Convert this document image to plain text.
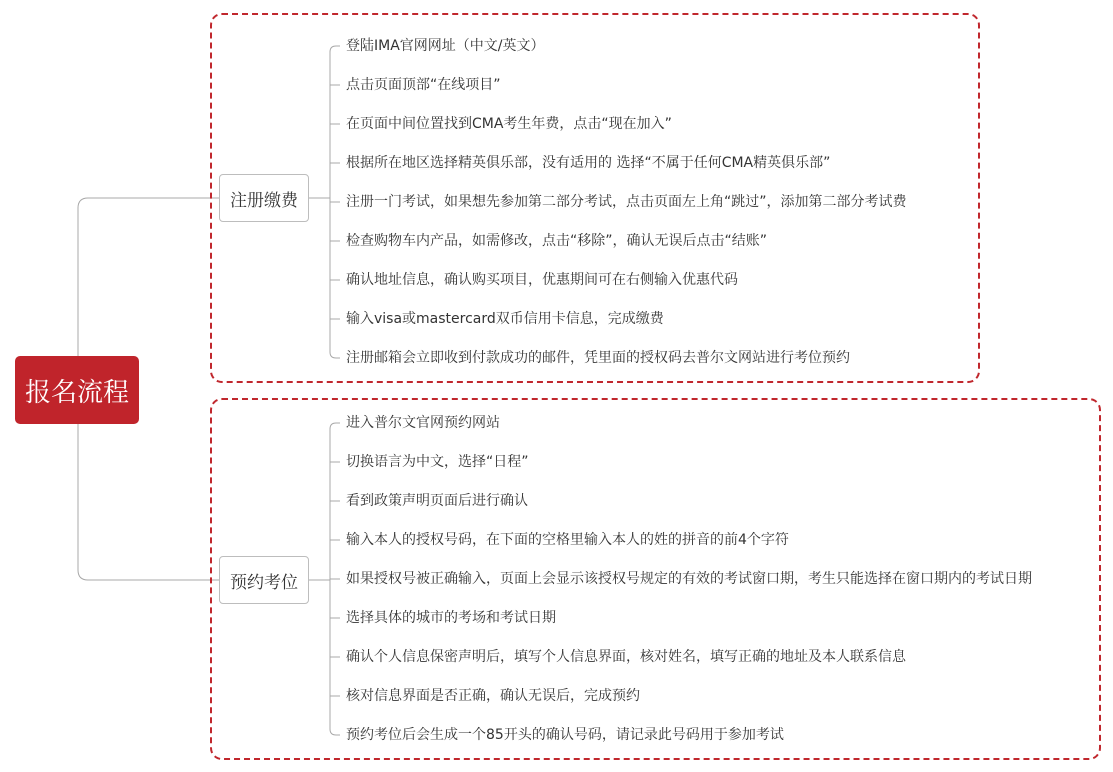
报名流程
注册缴费
预约考位
登陆IMA官网网址（中文/英文）
点击页面顶部“在线项目”
在页面中间位置找到CMA考生年费，点击“现在加入”
根据所在地区选择精英俱乐部，没有适用的 选择“不属于任何CMA精英俱乐部”
注册一门考试，如果想先参加第二部分考试，点击页面左上角“跳过”，添加第二部分考试费
检查购物车内产品，如需修改，点击“移除”，确认无误后点击“结账”
确认地址信息，确认购买项目，优惠期间可在右侧输入优惠代码
输入visa或mastercard双币信用卡信息，完成缴费
注册邮箱会立即收到付款成功的邮件，凭里面的授权码去普尔文网站进行考位预约
进入普尔文官网预约网站
切换语言为中文，选择“日程”
看到政策声明页面后进行确认
输入本人的授权号码，在下面的空格里输入本人的姓的拼音的前4个字符
如果授权号被正确输入，页面上会显示该授权号规定的有效的考试窗口期，考生只能选择在窗口期内的考试日期
选择具体的城市的考场和考试日期
确认个人信息保密声明后，填写个人信息界面，核对姓名，填写正确的地址及本人联系信息
核对信息界面是否正确，确认无误后，完成预约
预约考位后会生成一个85开头的确认号码，请记录此号码用于参加考试
